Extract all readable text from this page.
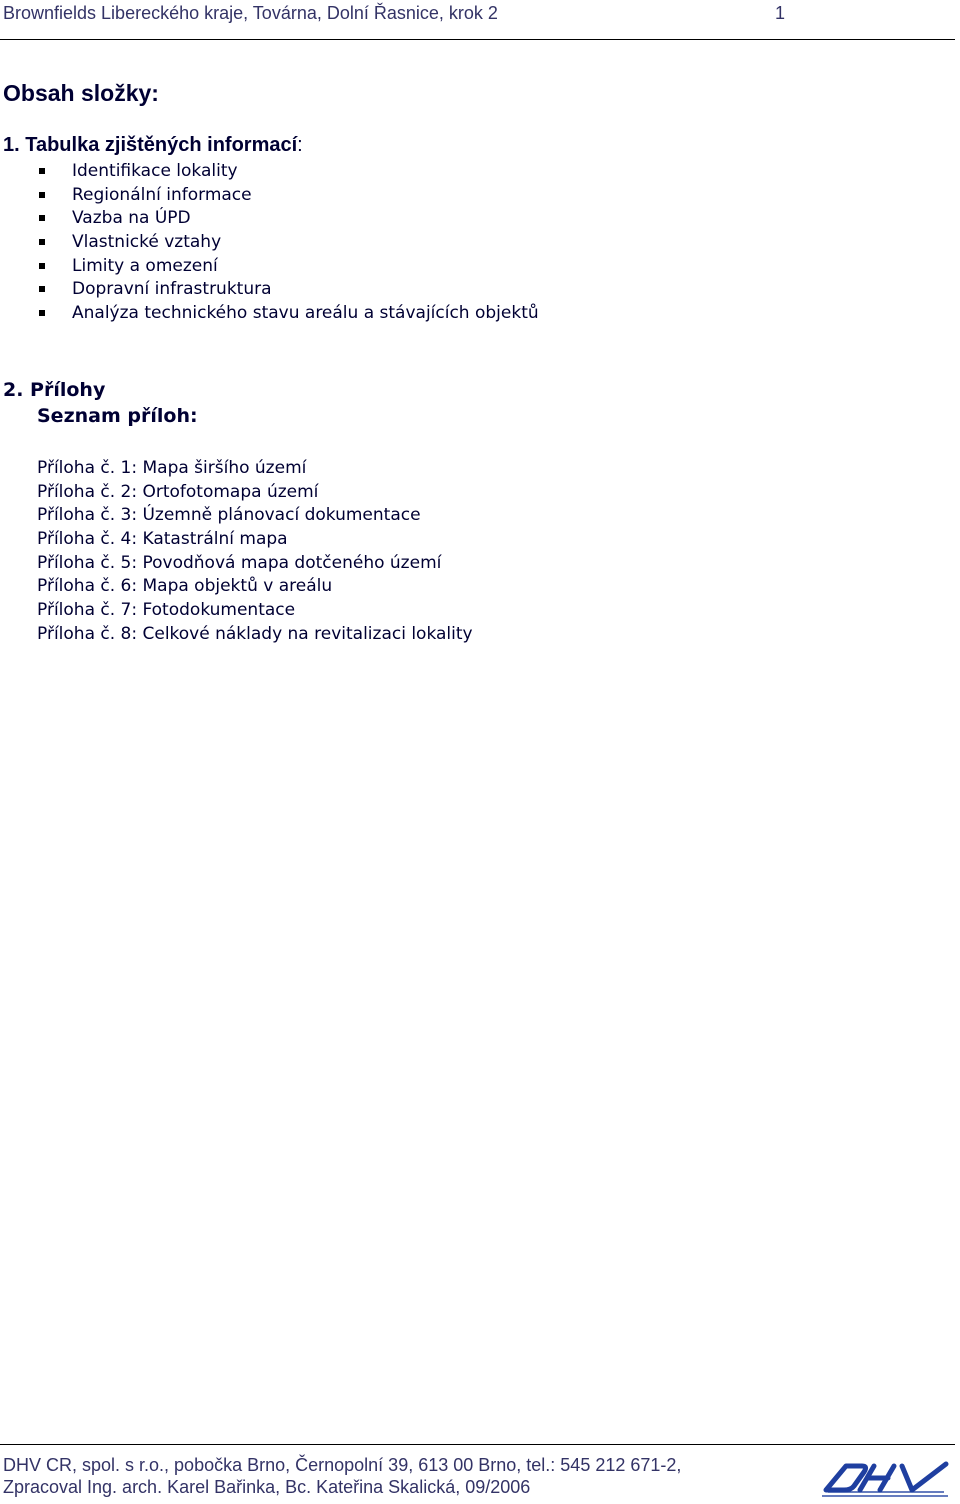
Brownfields Libereckého kraje, Továrna, Dolní Řasnice, krok 2	1
Obsah složky:
1. Tabulka zjištěných informací:
Identifikace lokality
Regionální informace
Vazba na ÚPD
Vlastnické vztahy
Limity a omezení
Dopravní infrastruktura
Analýza technického stavu areálu a stávajících objektů
2. Přílohy
Seznam příloh:
Příloha č. 1: Mapa širšího území
Příloha č. 2: Ortofotomapa území
Příloha č. 3: Územně plánovací dokumentace
Příloha č. 4: Katastrální mapa
Příloha č. 5: Povodňová mapa dotčeného území
Příloha č. 6: Mapa objektů v areálu
Příloha č. 7: Fotodokumentace
Příloha č. 8: Celkové náklady na revitalizaci lokality
DHV CR, spol. s r.o., pobočka Brno, Černopolní 39, 613 00 Brno, tel.: 545 212 671-2,
Zpracoval Ing. arch. Karel Bařinka, Bc. Kateřina Skalická, 09/2006
